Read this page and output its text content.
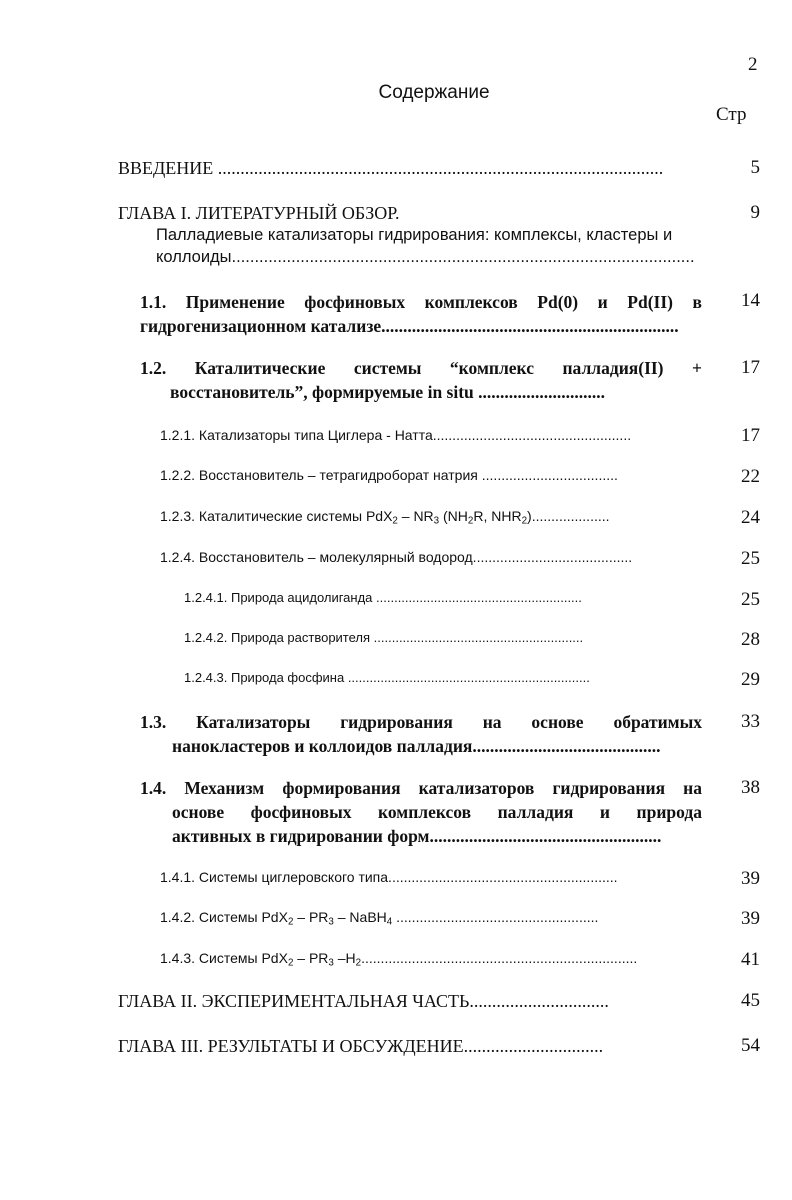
2
Содержание
Стр
ВВЕДЕНИЕ ...................................................................................................	5
ГЛАВА I. ЛИТЕРАТУРНЫЙ ОБЗОР.
Палладиевые катализаторы гидрирования: комплексы, кластеры и
коллоиды.....................................................................................................
9
1.1. Применение фосфиновых комплексов Pd(0) и Pd(II) в
гидрогенизационном катализе....................................................................
14
1.2. Каталитические системы “комплекс палладия(II) +
восстановитель”, формируемые in situ .............................
17
1.2.1. Катализаторы типа Циглера - Натта...................................................	17
1.2.2. Восстановитель – тетрагидроборат натрия ...................................	22
1.2.3. Каталитические системы $PdX_2 - NR_3$ ($NH_2R$, $NHR_2$)....................	24
1.2.4. Восстановитель – молекулярный водород.........................................	25
1.2.4.1. Природа ацидолиганда .........................................................	25
1.2.4.2. Природа растворителя ..........................................................	28
1.2.4.3. Природа фосфина ...................................................................	29
1.3. Катализаторы гидрирования на основе обратимых
нанокластеров и коллоидов палладия...........................................
33
1.4. Механизм формирования катализаторов гидрирования на
основе фосфиновых комплексов палладия и природа
активных в гидрировании форм.....................................................
38
1.4.1. Системы циглеровского типа...........................................................	39
1.4.2. Системы $PdX_2 - PR_3$ – NaBH$_4$ ....................................................	39
1.4.3. Системы $PdX_2 - PR_3$ $-H_2$.......................................................................	41
ГЛАВА II. ЭКСПЕРИМЕНТАЛЬНАЯ ЧАСТЬ...............................	45
ГЛАВА III. РЕЗУЛЬТАТЫ И ОБСУЖДЕНИЕ...............................	54
